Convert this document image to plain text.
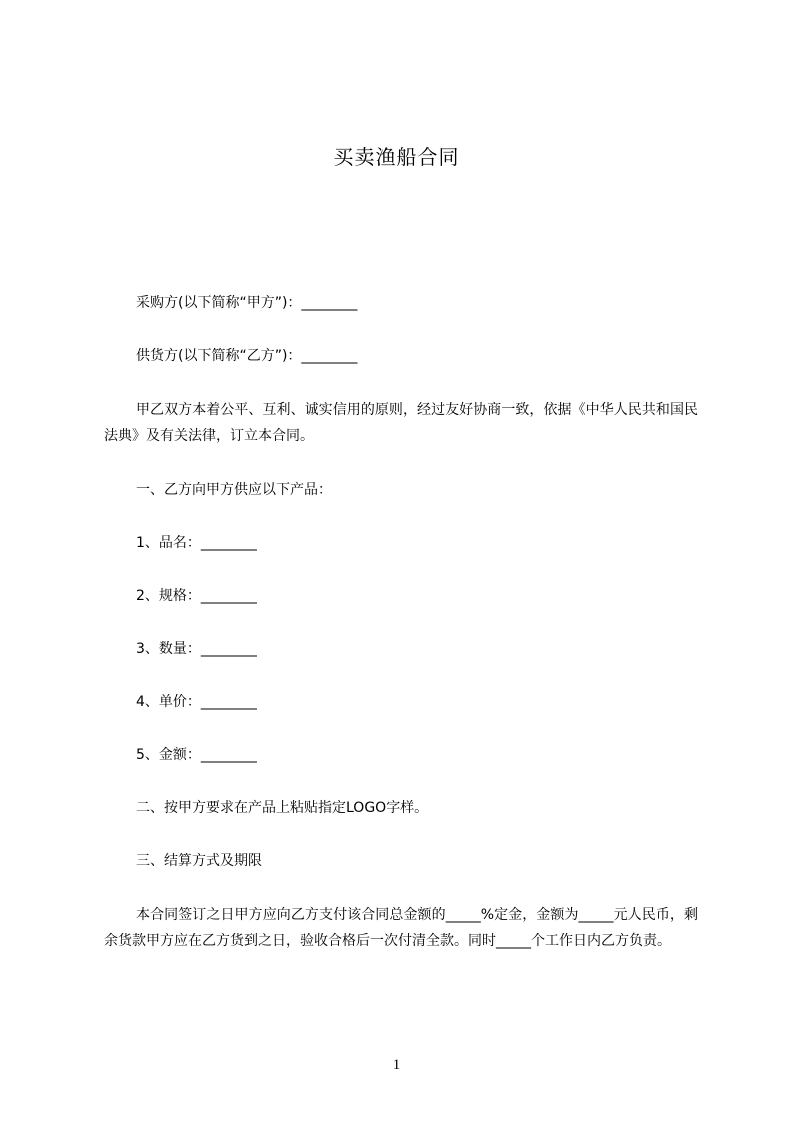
买卖渔船合同
采购方(以下简称“甲方”)：________
供货方(以下简称“乙方”)：________
甲乙双方本着公平、互利、诚实信用的原则，经过友好协商一致，依据《中华人民共和国民法典》及有关法律，订立本合同。
一、乙方向甲方供应以下产品：
1、品名：________
2、规格：________
3、数量：________
4、单价：________
5、金额：________
二、按甲方要求在产品上粘贴指定LOGO字样。
三、结算方式及期限
本合同签订之日甲方应向乙方支付该合同总金额的_____%定金，金额为_____元人民币，剩余货款甲方应在乙方货到之日，验收合格后一次付清全款。同时_____个工作日内乙方负责。
1
